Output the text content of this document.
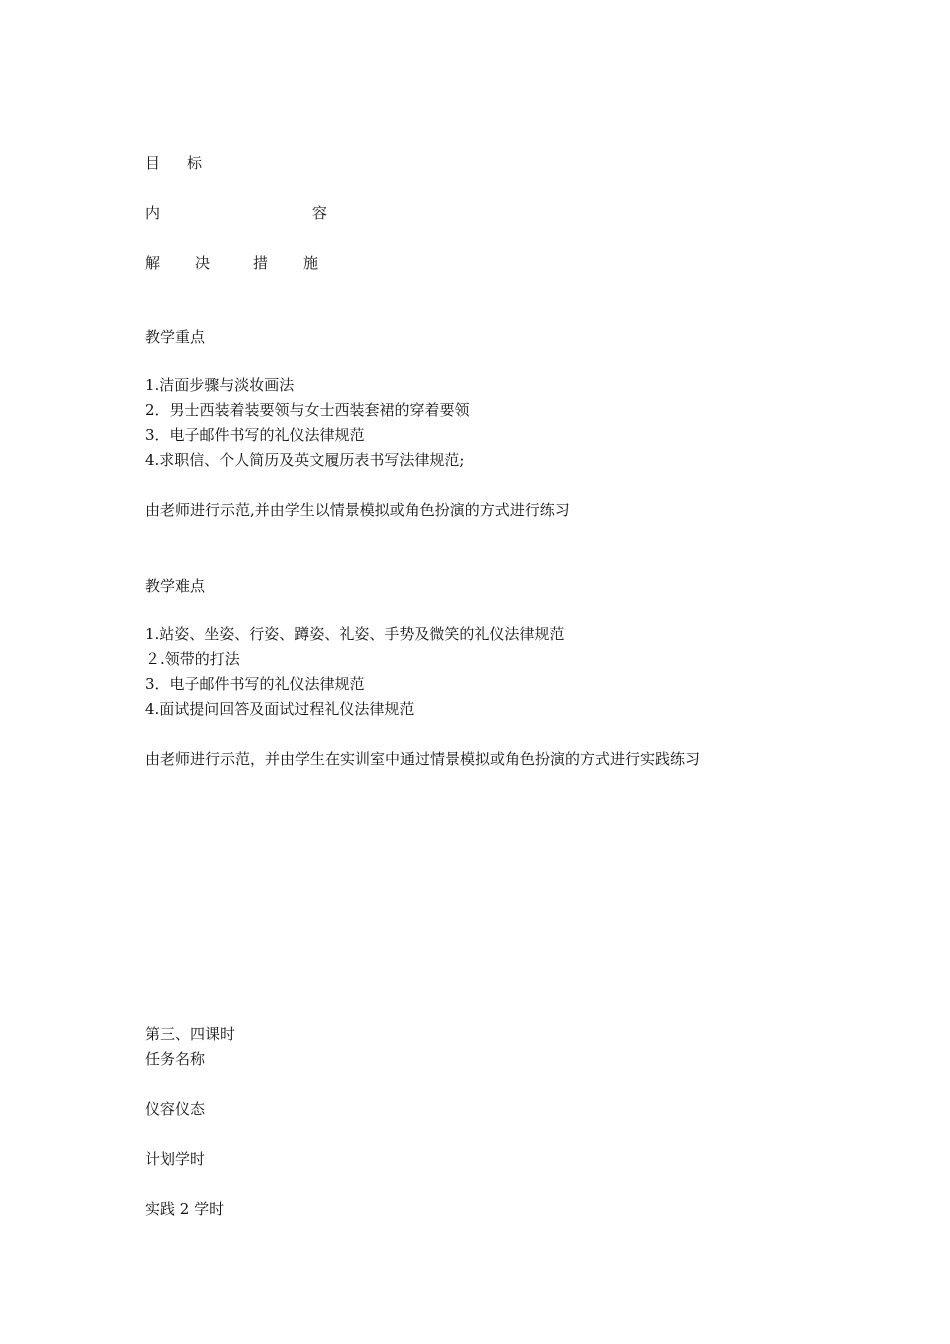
目 标
内	容
解 决	措 施
教学重点
1.洁面步骤与淡妆画法
2．男士西装着装要领与女士西装套裙的穿着要领
3．电子邮件书写的礼仪法律规范
4.求职信、个人简历及英文履历表书写法律规范;
由老师进行示范,并由学生以情景模拟或角色扮演的方式进行练习
教学难点
1.站姿、坐姿、行姿、蹲姿、礼姿、手势及微笑的礼仪法律规范
２.领带的打法
3．电子邮件书写的礼仪法律规范
4.面试提问回答及面试过程礼仪法律规范
由老师进行示范，并由学生在实训室中通过情景模拟或角色扮演的方式进行实践练习
第三、四课时
任务名称
仪容仪态
计划学时
实践 2 学时
